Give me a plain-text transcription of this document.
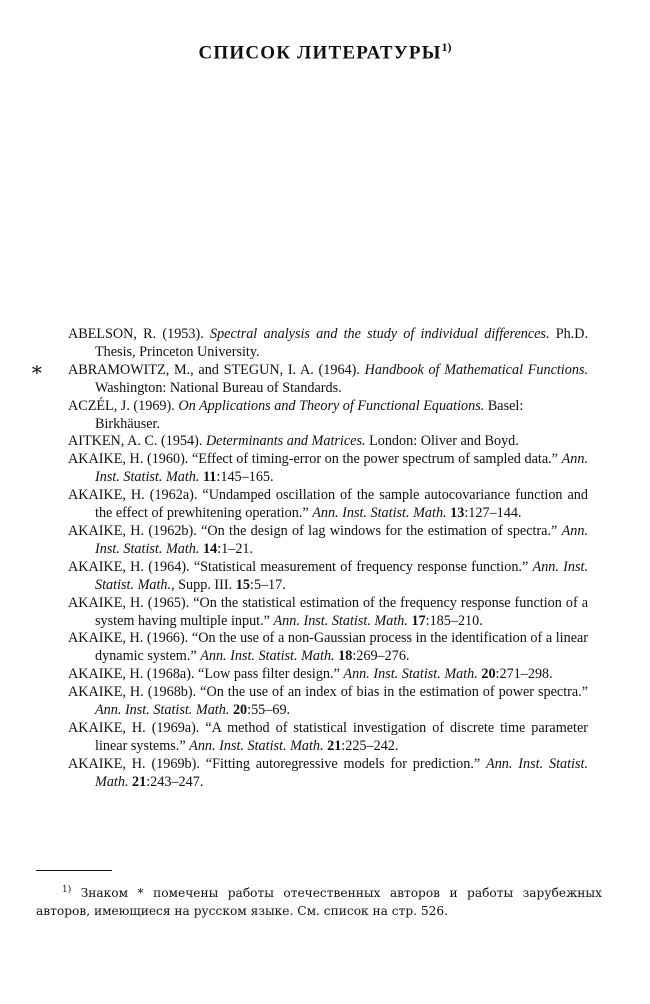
СПИСОК ЛИТЕРАТУРЫ$^{1)}$
ABELSON, R. (1953). Spectral analysis and the study of individual differences. Ph.D. Thesis, Princeton University.
∗ ABRAMOWITZ, M., and STEGUN, I. A. (1964). Handbook of Mathematical Functions. Washington: National Bureau of Standards.
ACZÉL, J. (1969). On Applications and Theory of Functional Equations. Basel: Birkhäuser.
AITKEN, A. C. (1954). Determinants and Matrices. London: Oliver and Boyd.
AKAIKE, H. (1960). “Effect of timing-error on the power spectrum of sampled data.” Ann. Inst. Statist. Math. 11:145–165.
AKAIKE, H. (1962a). “Undamped oscillation of the sample autocovariance function and the effect of prewhitening operation.” Ann. Inst. Statist. Math. 13:127–144.
AKAIKE, H. (1962b). “On the design of lag windows for the estimation of spectra.” Ann. Inst. Statist. Math. 14:1–21.
AKAIKE, H. (1964). “Statistical measurement of frequency response function.” Ann. Inst. Statist. Math., Supp. III. 15:5–17.
AKAIKE, H. (1965). “On the statistical estimation of the frequency response function of a system having multiple input.” Ann. Inst. Statist. Math. 17:185–210.
AKAIKE, H. (1966). “On the use of a non-Gaussian process in the identification of a linear dynamic system.” Ann. Inst. Statist. Math. 18:269–276.
AKAIKE, H. (1968a). “Low pass filter design.” Ann. Inst. Statist. Math. 20:271–298.
AKAIKE, H. (1968b). “On the use of an index of bias in the estimation of power spectra.” Ann. Inst. Statist. Math. 20:55–69.
AKAIKE, H. (1969a). “A method of statistical investigation of discrete time parameter linear systems.” Ann. Inst. Statist. Math. 21:225–242.
AKAIKE, H. (1969b). “Fitting autoregressive models for prediction.” Ann. Inst. Statist. Math. 21:243–247.
$^{1)}$ Знаком * помечены работы отечественных авторов и работы зарубежных авторов, имеющиеся на русском языке. См. список на стр. 526.
